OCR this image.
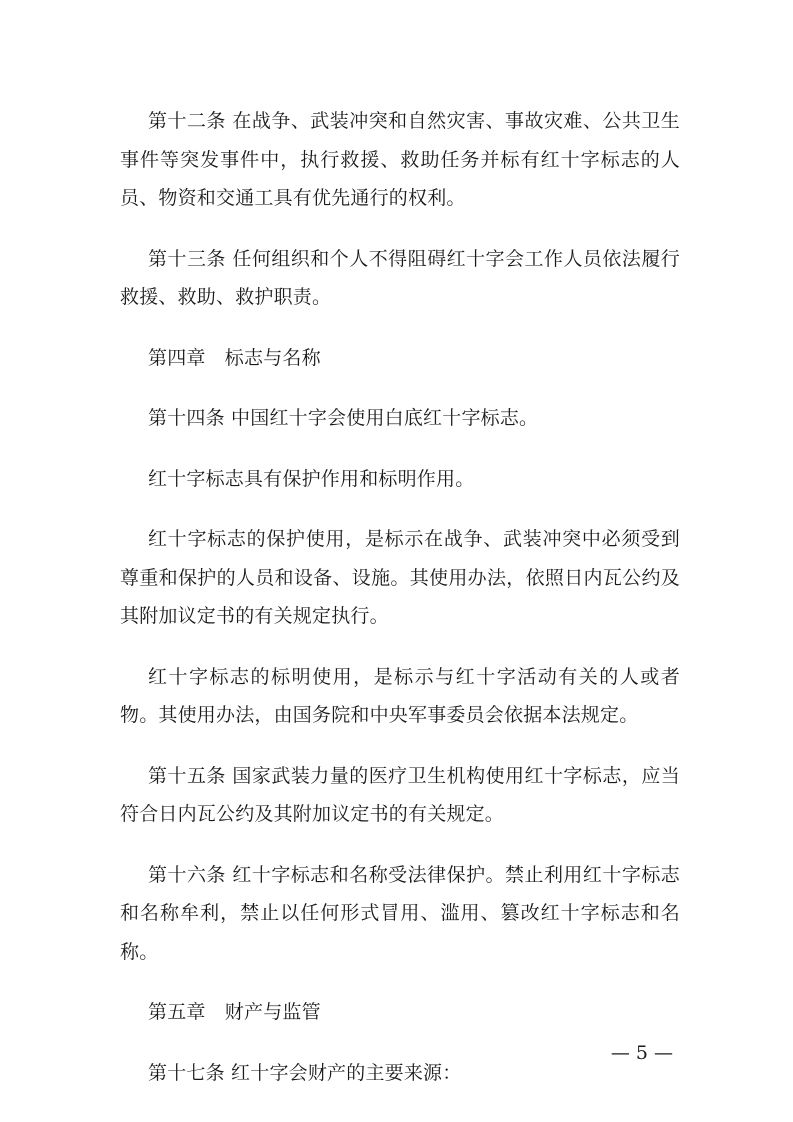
第十二条 在战争、武装冲突和自然灾害、事故灾难、公共卫生事件等突发事件中，执行救援、救助任务并标有红十字标志的人员、物资和交通工具有优先通行的权利。

第十三条 任何组织和个人不得阻碍红十字会工作人员依法履行救援、救助、救护职责。

第四章　标志与名称

第十四条 中国红十字会使用白底红十字标志。

红十字标志具有保护作用和标明作用。

红十字标志的保护使用，是标示在战争、武装冲突中必须受到尊重和保护的人员和设备、设施。其使用办法，依照日内瓦公约及其附加议定书的有关规定执行。

红十字标志的标明使用，是标示与红十字活动有关的人或者物。其使用办法，由国务院和中央军事委员会依据本法规定。

第十五条 国家武装力量的医疗卫生机构使用红十字标志，应当符合日内瓦公约及其附加议定书的有关规定。

第十六条 红十字标志和名称受法律保护。禁止利用红十字标志和名称牟利，禁止以任何形式冒用、滥用、篡改红十字标志和名称。

第五章　财产与监管

第十七条 红十字会财产的主要来源：

— 5 —
